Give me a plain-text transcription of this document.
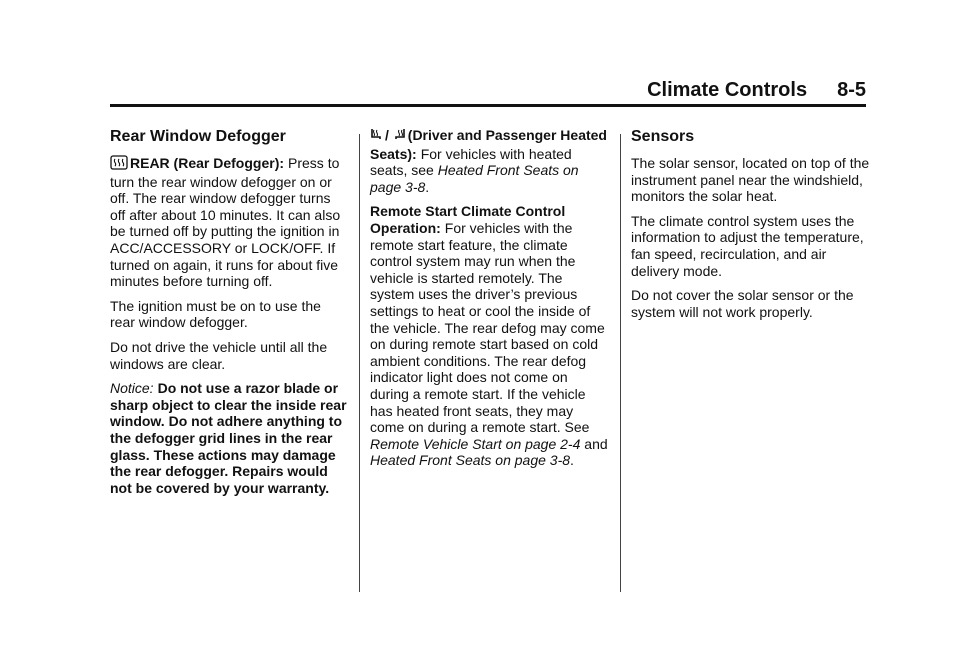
Climate Controls 8-5
Rear Window Defogger

REAR (Rear Defogger): Press to turn the rear window defogger on or off. The rear window defogger turns off after about 10 minutes. It can also be turned off by putting the ignition in ACC/ACCESSORY or LOCK/OFF. If turned on again, it runs for about five minutes before turning off.

The ignition must be on to use the rear window defogger.

Do not drive the vehicle until all the windows are clear.

Notice: Do not use a razor blade or sharp object to clear the inside rear window. Do not adhere anything to the defogger grid lines in the rear glass. These actions may damage the rear defogger. Repairs would not be covered by your warranty.

/ (Driver and Passenger Heated Seats): For vehicles with heated seats, see Heated Front Seats on page 3-8.

Remote Start Climate Control Operation: For vehicles with the remote start feature, the climate control system may run when the vehicle is started remotely. The system uses the driver’s previous settings to heat or cool the inside of the vehicle. The rear defog may come on during remote start based on cold ambient conditions. The rear defog indicator light does not come on during a remote start. If the vehicle has heated front seats, they may come on during a remote start. See Remote Vehicle Start on page 2-4 and Heated Front Seats on page 3-8.

Sensors

The solar sensor, located on top of the instrument panel near the windshield, monitors the solar heat.

The climate control system uses the information to adjust the temperature, fan speed, recirculation, and air delivery mode.

Do not cover the solar sensor or the system will not work properly.
